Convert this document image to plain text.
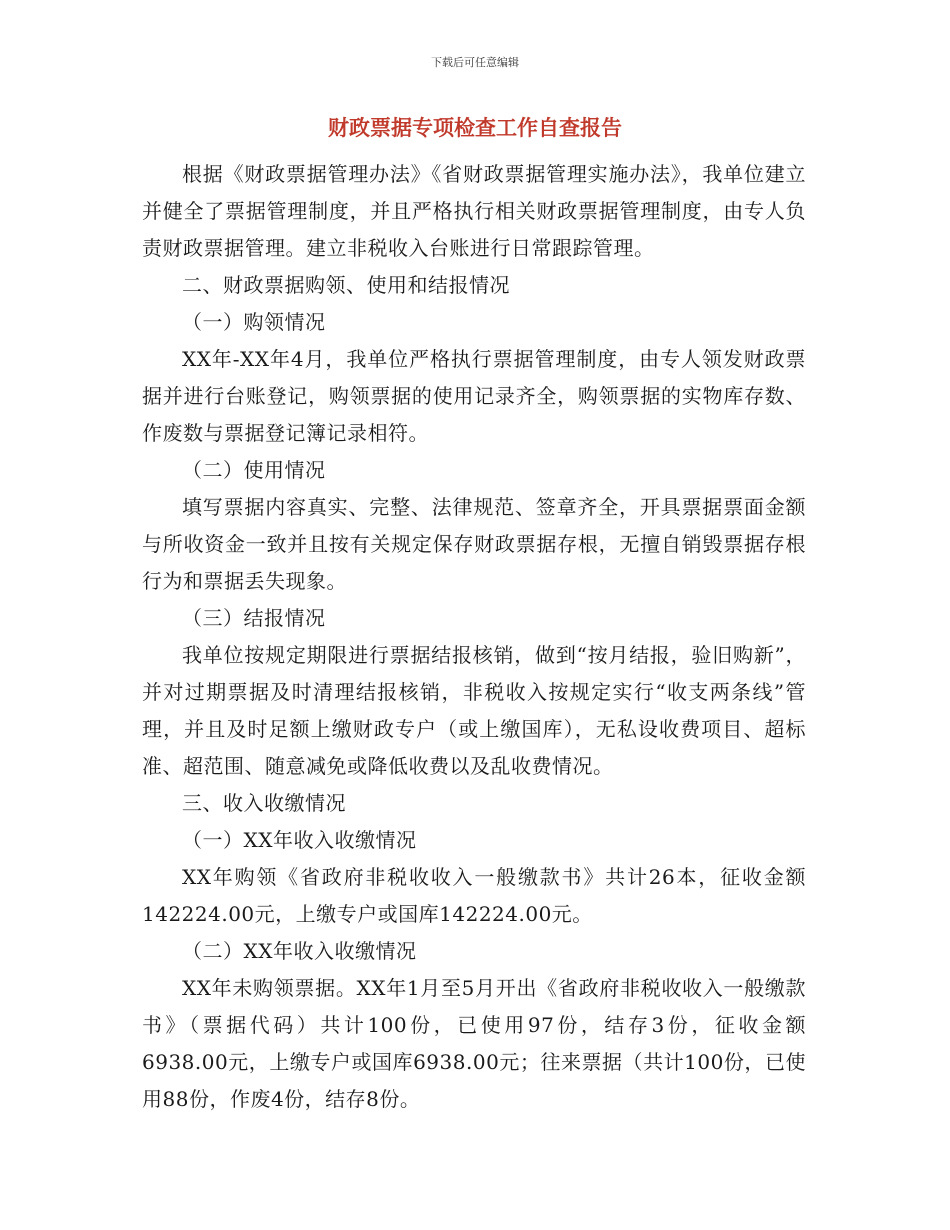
下载后可任意编辑
财政票据专项检查工作自查报告

根据《财政票据管理办法》《省财政票据管理实施办法》，我单位建立并健全了票据管理制度，并且严格执行相关财政票据管理制度，由专人负责财政票据管理。建立非税收入台账进行日常跟踪管理。

二、财政票据购领、使用和结报情况

（一）购领情况

XX年-XX年4月，我单位严格执行票据管理制度，由专人领发财政票据并进行台账登记，购领票据的使用记录齐全，购领票据的实物库存数、作废数与票据登记簿记录相符。

（二）使用情况

填写票据内容真实、完整、法律规范、签章齐全，开具票据票面金额与所收资金一致并且按有关规定保存财政票据存根，无擅自销毁票据存根行为和票据丢失现象。

（三）结报情况

我单位按规定期限进行票据结报核销，做到“按月结报，验旧购新”，并对过期票据及时清理结报核销，非税收入按规定实行“收支两条线”管理，并且及时足额上缴财政专户（或上缴国库），无私设收费项目、超标准、超范围、随意减免或降低收费以及乱收费情况。

三、收入收缴情况

（一）XX年收入收缴情况

XX年购领《省政府非税收收入一般缴款书》共计26本，征收金额142224.00元，上缴专户或国库142224.00元。

（二）XX年收入收缴情况

XX年未购领票据。XX年1月至5月开出《省政府非税收收入一般缴款书》（票据代码）共计100份，已使用97份，结存3份，征收金额6938.00元，上缴专户或国库6938.00元；往来票据（共计100份，已使用88份，作废4份，结存8份。
